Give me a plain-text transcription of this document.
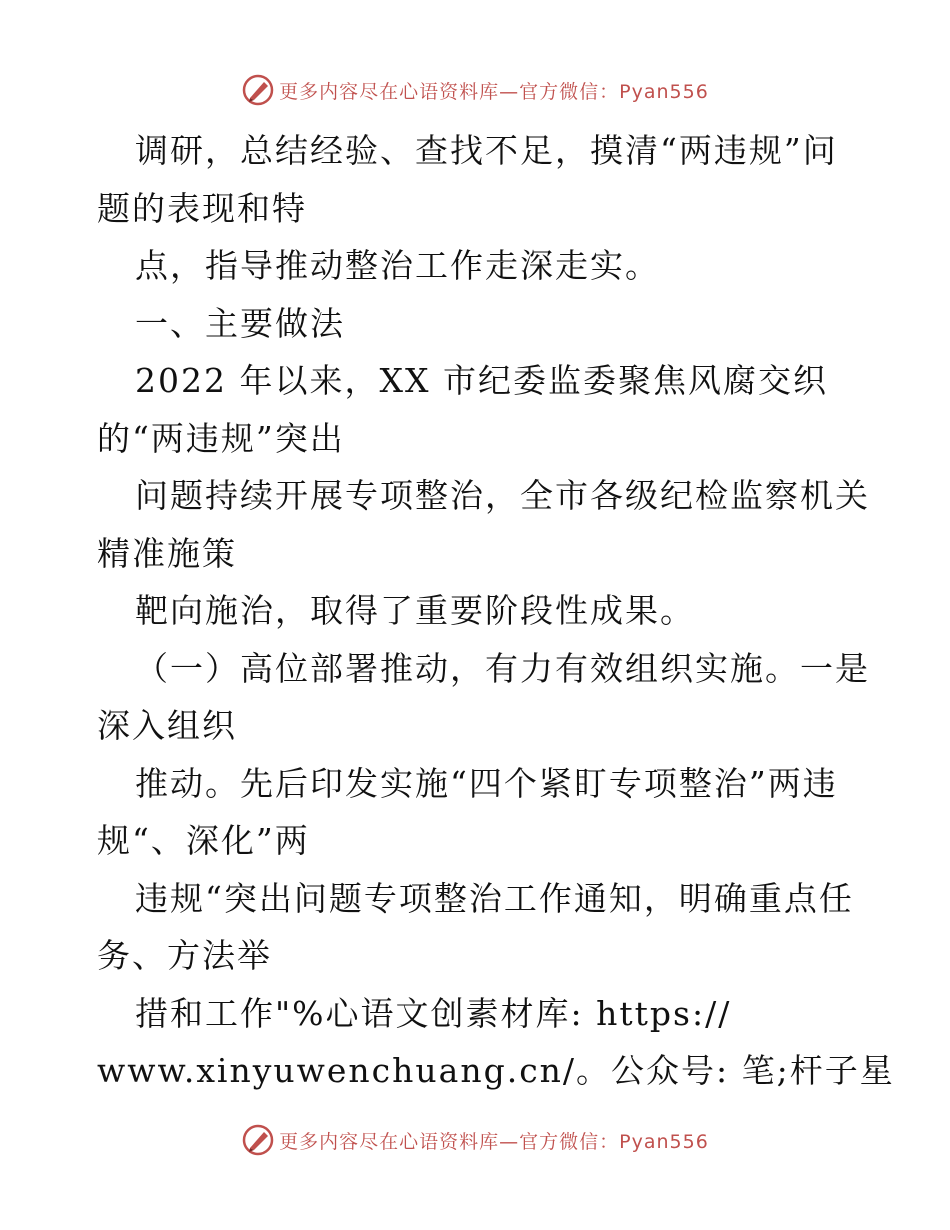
更多内容尽在心语资料库—官方微信：Pyan556
调研，总结经验、查找不足，摸清“两违规”问
题的表现和特
点，指导推动整治工作走深走实。
一、主要做法
2022 年以来，XX 市纪委监委聚焦风腐交织
的“两违规”突出
问题持续开展专项整治，全市各级纪检监察机关
精准施策
靶向施治，取得了重要阶段性成果。
（一）高位部署推动，有力有效组织实施。一是
深入组织
推动。先后印发实施“四个紧盯专项整治”两违
规“、深化”两
违规“突出问题专项整治工作通知，明确重点任
务、方法举
措和工作"%心语文创素材库: https://
www.xinyuwenchuang.cn/。公众号: 笔;杆子星
更多内容尽在心语资料库—官方微信：Pyan556
